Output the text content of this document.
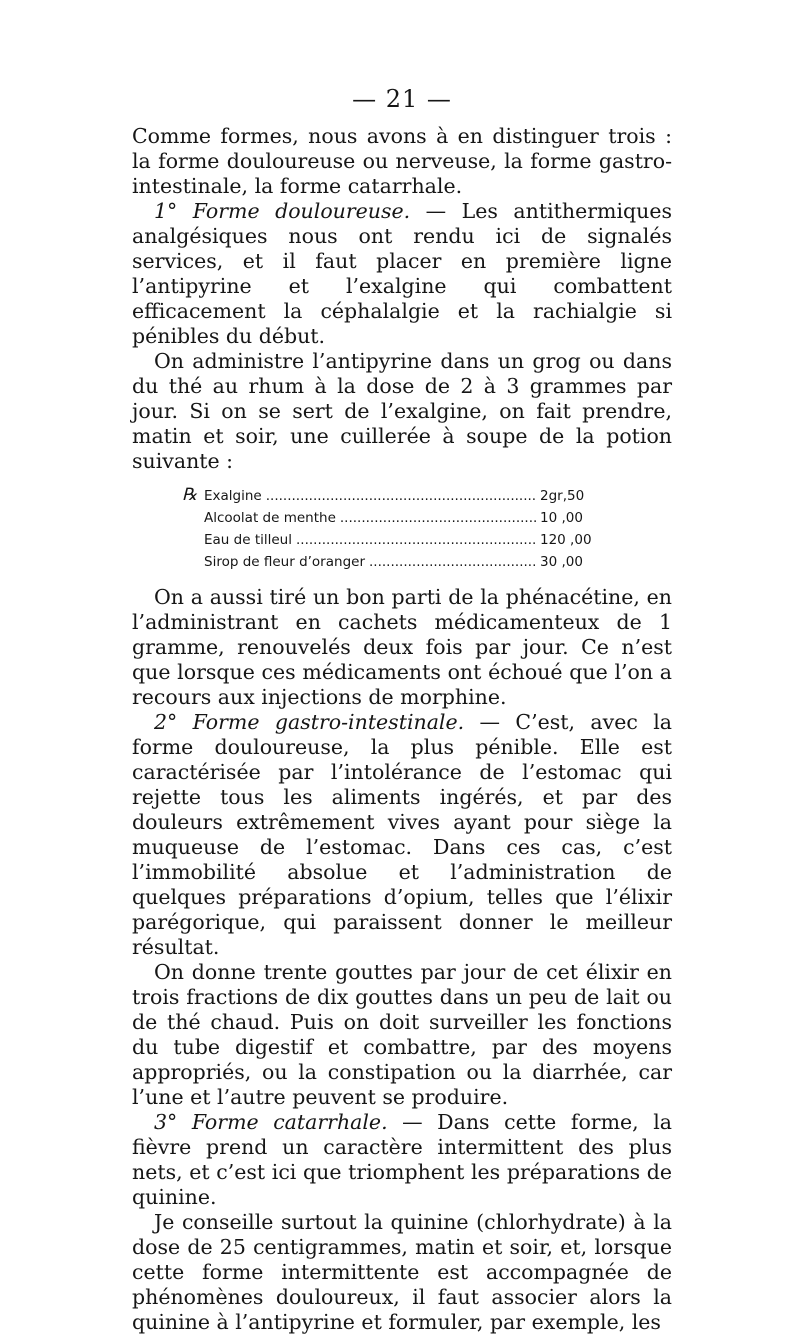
— 21 —

Comme formes, nous avons à en distinguer trois : la forme douloureuse ou nerveuse, la forme gastro-intestinale, la forme catarrhale.

1° Forme douloureuse. — Les antithermiques analgésiques nous ont rendu ici de signalés services, et il faut placer en première ligne l’antipyrine et l’exalgine qui combattent efficacement la céphalalgie et la rachialgie si pénibles du début.

On administre l’antipyrine dans un grog ou dans du thé au rhum à la dose de 2 à 3 grammes par jour. Si on se sert de l’exalgine, on fait prendre, matin et soir, une cuillerée à soupe de la potion suivante :

℞ Exalgine .....	2gr,50
Alcoolat de menthe .....	10 ,00
Eau de tilleul .....	120 ,00
Sirop de fleur d’oranger .....	30 ,00

On a aussi tiré un bon parti de la phénacétine, en l’administrant en cachets médicamenteux de 1 gramme, renouvelés deux fois par jour. Ce n’est que lorsque ces médicaments ont échoué que l’on a recours aux injections de morphine.

2° Forme gastro-intestinale. — C’est, avec la forme douloureuse, la plus pénible. Elle est caractérisée par l’intolérance de l’estomac qui rejette tous les aliments ingérés, et par des douleurs extrêmement vives ayant pour siège la muqueuse de l’estomac. Dans ces cas, c’est l’immobilité absolue et l’administration de quelques préparations d’opium, telles que l’élixir parégorique, qui paraissent donner le meilleur résultat.

On donne trente gouttes par jour de cet élixir en trois fractions de dix gouttes dans un peu de lait ou de thé chaud. Puis on doit surveiller les fonctions du tube digestif et combattre, par des moyens appropriés, ou la constipation ou la diarrhée, car l’une et l’autre peuvent se produire.

3° Forme catarrhale. — Dans cette forme, la fièvre prend un caractère intermittent des plus nets, et c’est ici que triomphent les préparations de quinine.

Je conseille surtout la quinine (chlorhydrate) à la dose de 25 centigrammes, matin et soir, et, lorsque cette forme intermittente est accompagnée de phénomènes douloureux, il faut associer alors la quinine à l’antipyrine et formuler, par exemple, les
